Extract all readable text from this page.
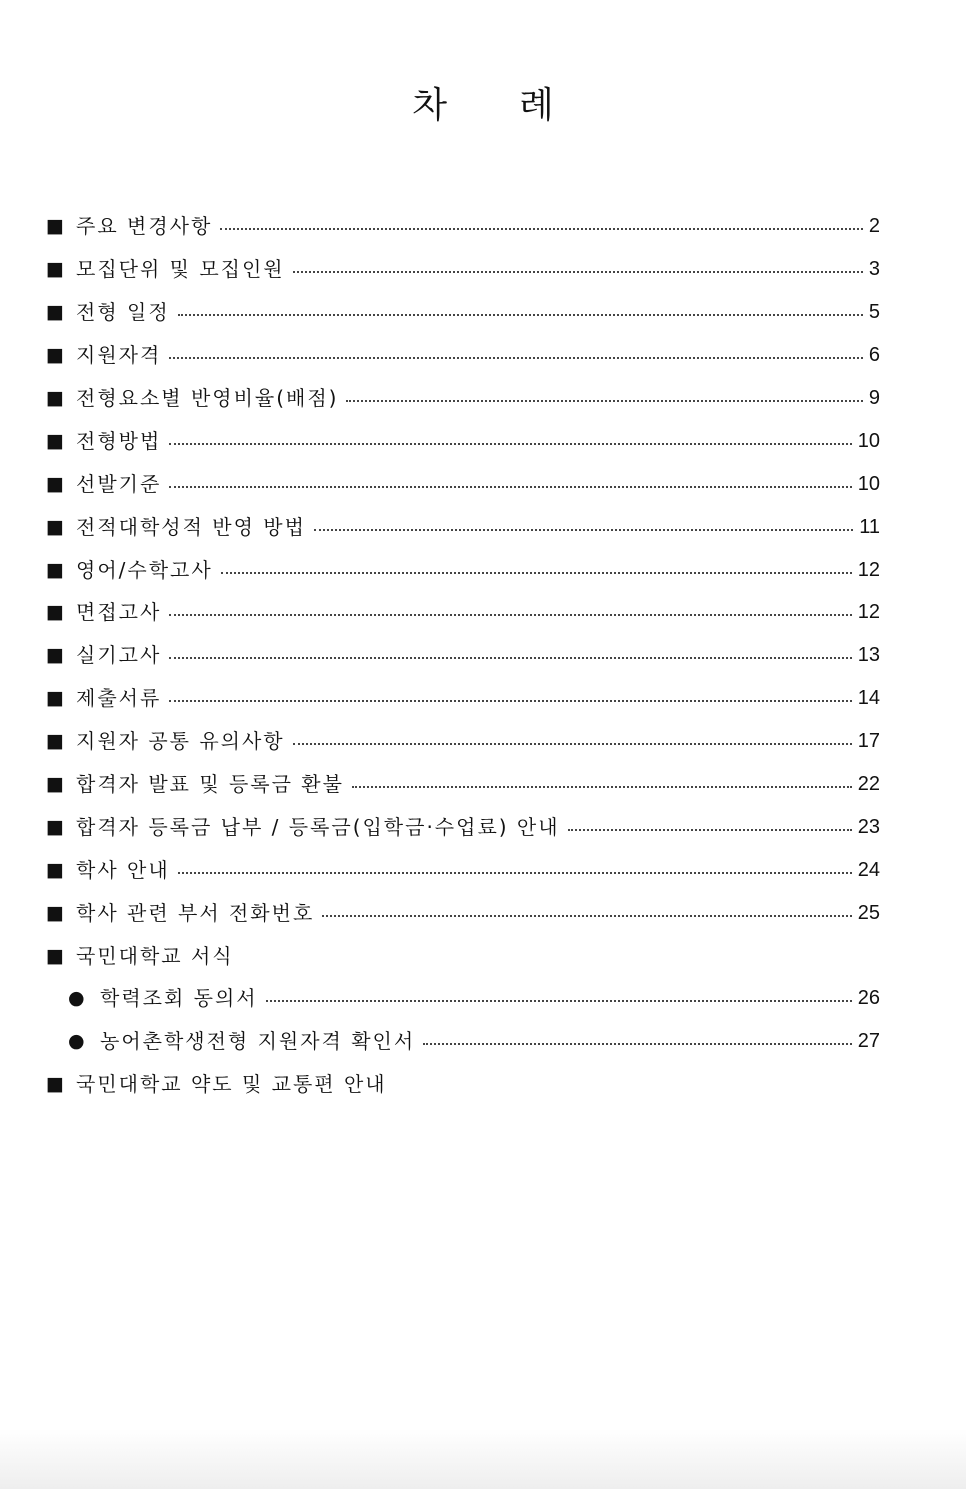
차 례
■ 주요 변경사항	2
■ 모집단위 및 모집인원	3
■ 전형 일정	5
■ 지원자격	6
■ 전형요소별 반영비율(배점)	9
■ 전형방법	10
■ 선발기준	10
■ 전적대학성적 반영 방법	11
■ 영어/수학고사	12
■ 면접고사	12
■ 실기고사	13
■ 제출서류	14
■ 지원자 공통 유의사항	17
■ 합격자 발표 및 등록금 환불	22
■ 합격자 등록금 납부 / 등록금(입학금·수업료) 안내	23
■ 학사 안내	24
■ 학사 관련 부서 전화번호	25
■ 국민대학교 서식
● 학력조회 동의서	26
● 농어촌학생전형 지원자격 확인서	27
■ 국민대학교 약도 및 교통편 안내
